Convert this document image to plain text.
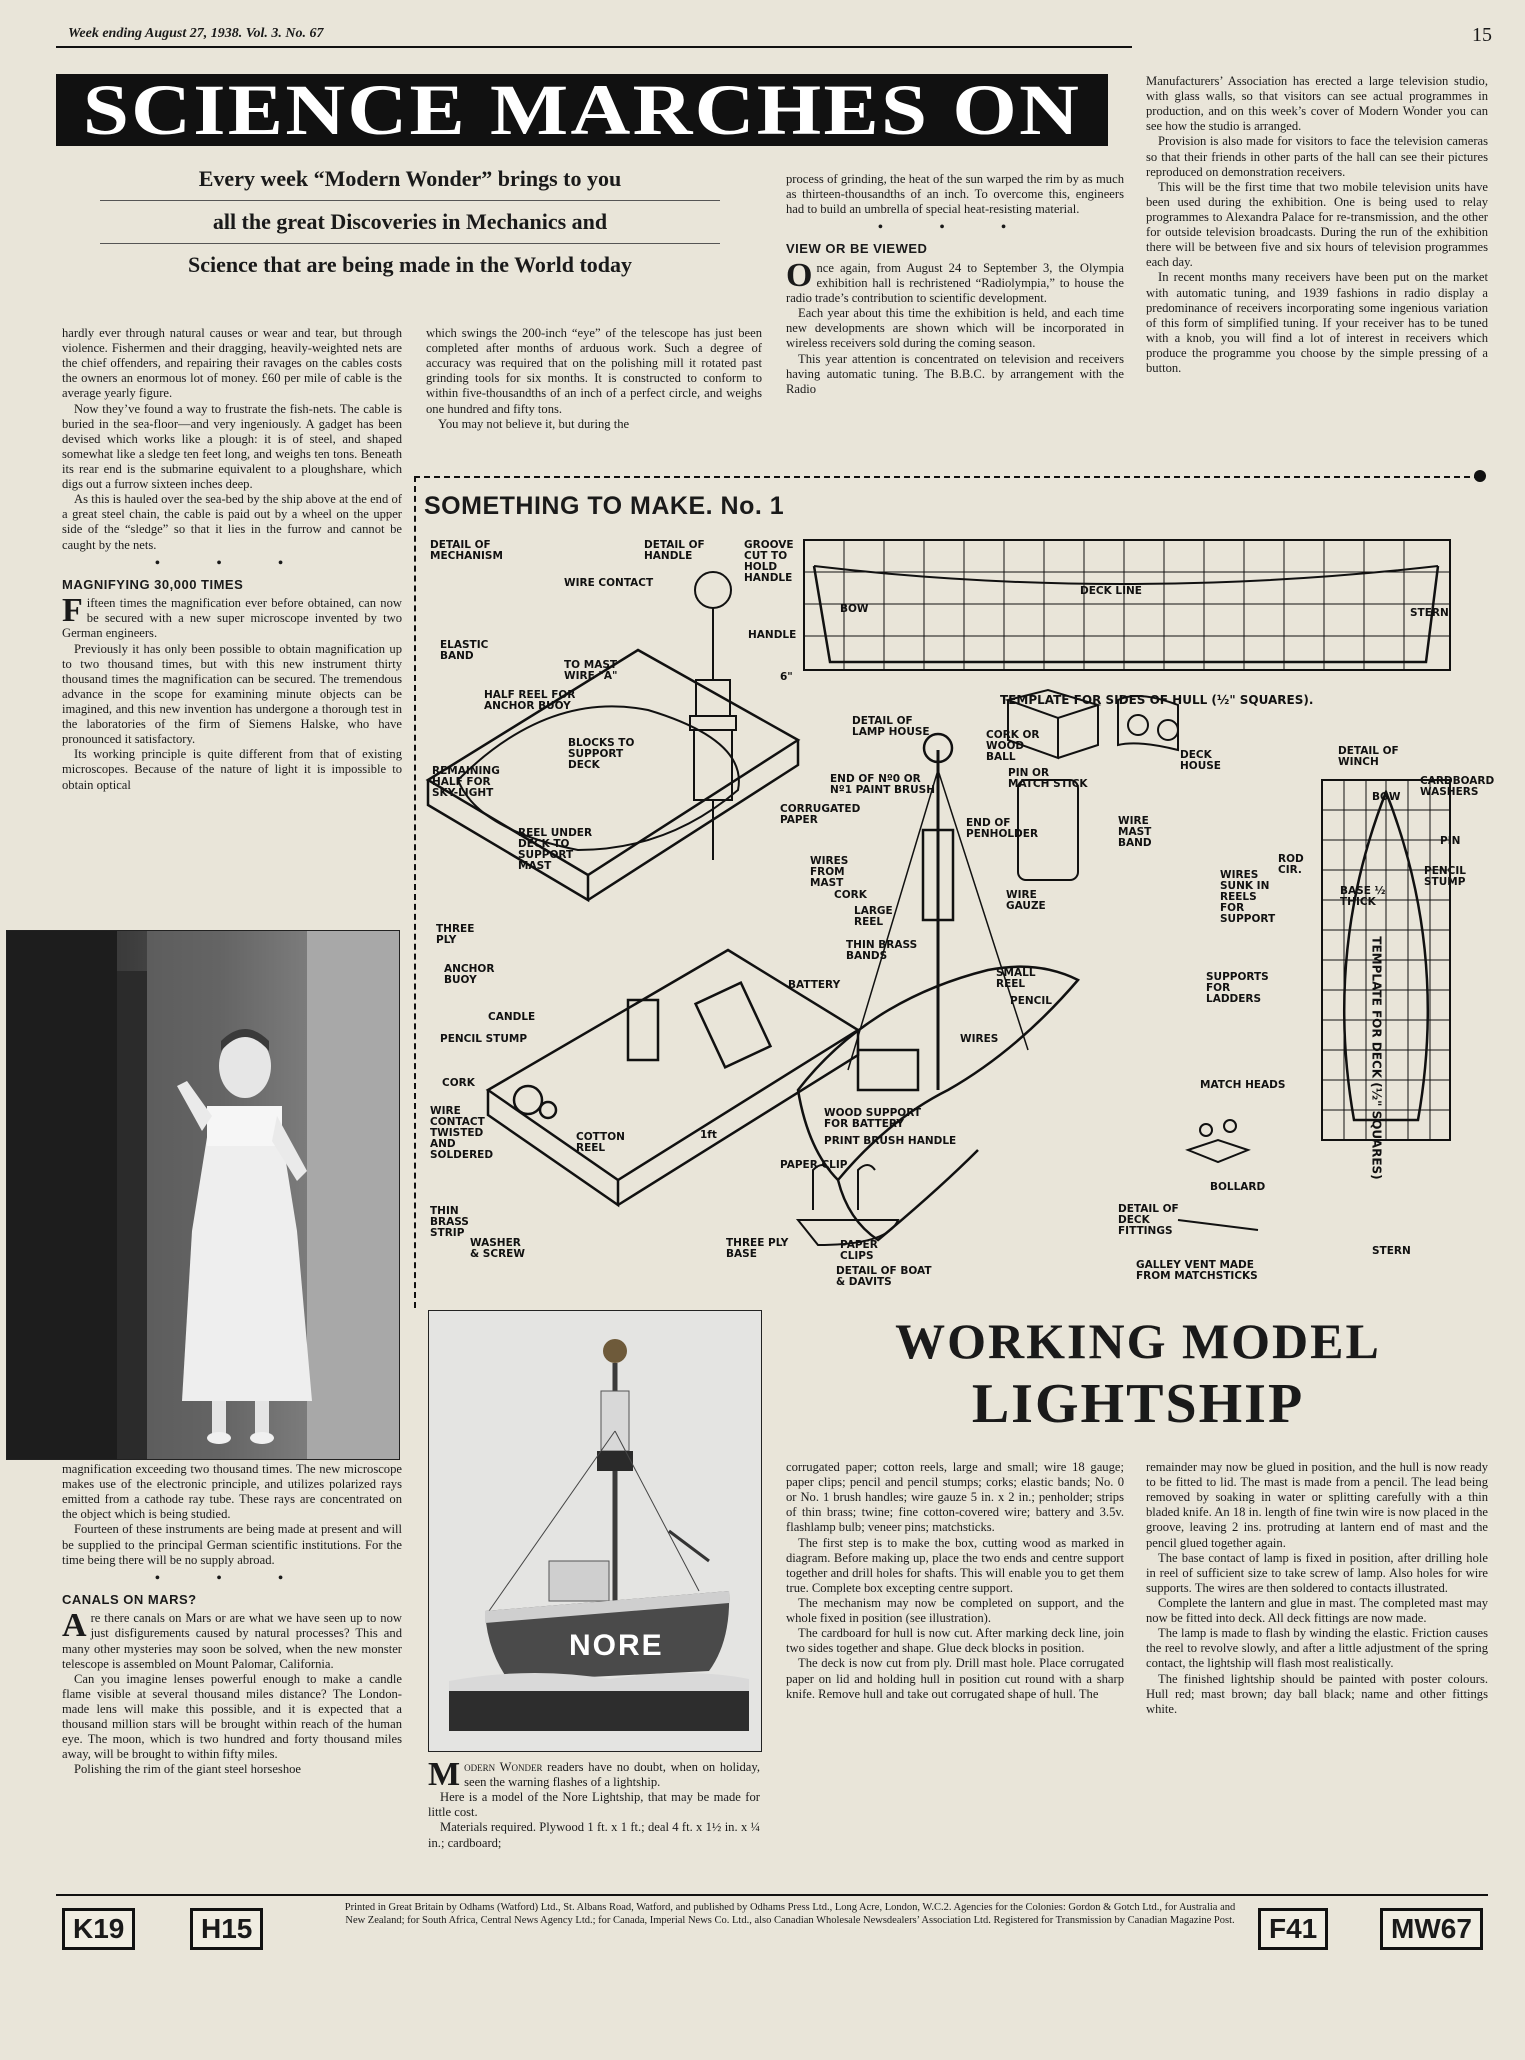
Week ending August 27, 1938. Vol. 3. No. 67	15
SCIENCE MARCHES ON
Every week “Modern Wonder” brings to you
all the great Discoveries in Mechanics and
Science that are being made in the World today

hardly ever through natural causes or wear and tear, but through violence. Fishermen and their dragging, heavily-weighted nets are the chief offenders, and repairing their ravages on the cables costs the owners an enormous lot of money. £60 per mile of cable is the average yearly figure.

Now they’ve found a way to frustrate the fish-nets. The cable is buried in the sea-floor—and very ingeniously. A gadget has been devised which works like a plough: it is of steel, and shaped somewhat like a sledge ten feet long, and weighs ten tons. Beneath its rear end is the submarine equivalent to a ploughshare, which digs out a furrow sixteen inches deep.

As this is hauled over the sea-bed by the ship above at the end of a great steel chain, the cable is paid out by a wheel on the upper side of the “sledge” so that it lies in the furrow and cannot be caught by the nets.

• • •
MAGNIFYING 30,000 TIMES

Fifteen times the magnification ever before obtained, can now be secured with a new super microscope invented by two German engineers.

Previously it has only been possible to obtain magnification up to two thousand times, but with this new instrument thirty thousand times the magnification can be secured. The tremendous advance in the scope for examining minute objects can be imagined, and this new invention has undergone a thorough test in the laboratories of the firm of Siemens Halske, who have pronounced it satisfactory.

Its working principle is quite different from that of existing microscopes. Because of the nature of light it is impossible to obtain optical

magnification exceeding two thousand times. The new microscope makes use of the electronic principle, and utilizes polarized rays emitted from a cathode ray tube. These rays are concentrated on the object which is being studied.

Fourteen of these instruments are being made at present and will be supplied to the principal German scientific institutions. For the time being there will be no supply abroad.

• • •
CANALS ON MARS?

Are there canals on Mars or are what we have seen up to now just disfigurements caused by natural processes? This and many other mysteries may soon be solved, when the new monster telescope is assembled on Mount Palomar, California.

Can you imagine lenses powerful enough to make a candle flame visible at several thousand miles distance? The London-made lens will make this possible, and it is expected that a thousand million stars will be brought within reach of the human eye. The moon, which is two hundred and forty thousand miles away, will be brought to within fifty miles.

Polishing the rim of the giant steel horseshoe

which swings the 200-inch “eye” of the telescope has just been completed after months of arduous work. Such a degree of accuracy was required that on the polishing mill it rotated past grinding tools for six months. It is constructed to conform to within five-thousandths of an inch of a perfect circle, and weighs one hundred and fifty tons.

You may not believe it, but during the

process of grinding, the heat of the sun warped the rim by as much as thirteen-thousandths of an inch. To overcome this, engineers had to build an umbrella of special heat-resisting material.

• • •
VIEW OR BE VIEWED

Once again, from August 24 to September 3, the Olympia exhibition hall is rechristened “Radiolympia,” to house the radio trade’s contribution to scientific development.

Each year about this time the exhibition is held, and each time new developments are shown which will be incorporated in wireless receivers sold during the coming season.

This year attention is concentrated on television and receivers having automatic tuning. The B.B.C. by arrangement with the Radio

Manufacturers’ Association has erected a large television studio, with glass walls, so that visitors can see actual programmes in production, and on this week’s cover of Modern Wonder you can see how the studio is arranged.

Provision is also made for visitors to face the television cameras so that their friends in other parts of the hall can see their pictures reproduced on demonstration receivers.

This will be the first time that two mobile television units have been used during the exhibition. One is being used to relay programmes to Alexandra Palace for re-transmission, and the other for outside television broadcasts. During the run of the exhibition there will be between five and six hours of television programmes each day.

In recent months many receivers have been put on the market with automatic tuning, and 1939 fashions in radio display a predominance of receivers incorporating some ingenious variation of this form of simplified tuning. If your receiver has to be tuned with a knob, you will find a lot of interest in receivers which produce the programme you choose by the simple pressing of a button.

SOMETHING TO MAKE. No. 1
DETAIL OF MECHANISM
DETAIL OF HANDLE
GROOVE CUT TO HOLD HANDLE
WIRE CONTACT
HANDLE
ELASTIC BAND
TO MAST WIRE "A"
HALF REEL FOR ANCHOR BUOY
BLOCKS TO SUPPORT DECK
REMAINING HALF FOR SKY-LIGHT
REEL UNDER DECK TO SUPPORT MAST
THREE PLY
ANCHOR BUOY
CANDLE
PENCIL STUMP
CORK
WIRE CONTACT TWISTED AND SOLDERED
COTTON REEL
THIN BRASS STRIP
WASHER & SCREW
THREE PLY BASE
BATTERY
WOOD SUPPORT FOR BATTERY
PRINT BRUSH HANDLE
PAPER CLIP
PAPER CLIPS
DETAIL OF BOAT & DAVITS
BOW
DECK LINE
STERN
TEMPLATE FOR SIDES OF HULL (½" SQUARES).
DETAIL OF LAMP HOUSE	CORK OR WOOD BALL
PIN OR MATCH STICK
END OF Nº0 OR Nº1 PAINT BRUSH
CORRUGATED PAPER	END OF PENHOLDER
WIRES FROM MAST
CORK
LARGE REEL
THIN BRASS BANDS
WIRE GAUZE
SMALL REEL
PENCIL
WIRES
WIRE MAST BAND
DECK HOUSE
DETAIL OF WINCH
CARDBOARD WASHERS
PIN
PENCIL STUMP
ROD CIR.
BASE ½ THICK
WIRES SUNK IN REELS FOR SUPPORT
SUPPORTS FOR LADDERS
MATCH HEADS
BOLLARD
DETAIL OF DECK FITTINGS
GALLEY VENT MADE FROM MATCHSTICKS
TEMPLATE FOR DECK (½" SQUARES)
BOW
STERN
6"
1ft
WORKING MODEL
LIGHTSHIP
NORE

Modern Wonder readers have no doubt, when on holiday, seen the warning flashes of a lightship.

Here is a model of the Nore Lightship, that may be made for little cost.

Materials required. Plywood 1 ft. x 1 ft.; deal 4 ft. x 1½ in. x ¼ in.; cardboard;

corrugated paper; cotton reels, large and small; wire 18 gauge; paper clips; pencil and pencil stumps; corks; elastic bands; No. 0 or No. 1 brush handles; wire gauze 5 in. x 2 in.; penholder; strips of thin brass; twine; fine cotton-covered wire; battery and 3.5v. flashlamp bulb; veneer pins; matchsticks.

The first step is to make the box, cutting wood as marked in diagram. Before making up, place the two ends and centre support together and drill holes for shafts. This will enable you to get them true. Complete box excepting centre support.

The mechanism may now be completed on support, and the whole fixed in position (see illustration).

The cardboard for hull is now cut. After marking deck line, join two sides together and shape. Glue deck blocks in position.

The deck is now cut from ply. Drill mast hole. Place corrugated paper on lid and holding hull in position cut round with a sharp knife. Remove hull and take out corrugated shape of hull. The

remainder may now be glued in position, and the hull is now ready to be fitted to lid. The mast is made from a pencil. The lead being removed by soaking in water or splitting carefully with a thin bladed knife. An 18 in. length of fine twin wire is now placed in the groove, leaving 2 ins. protruding at lantern end of mast and the pencil glued together again.

The base contact of lamp is fixed in position, after drilling hole in reel of sufficient size to take screw of lamp. Also holes for wire supports. The wires are then soldered to contacts illustrated.

Complete the lantern and glue in mast. The completed mast may now be fitted into deck. All deck fittings are now made.

The lamp is made to flash by winding the elastic. Friction causes the reel to revolve slowly, and after a little adjustment of the spring contact, the lightship will flash most realistically.

The finished lightship should be painted with poster colours. Hull red; mast brown; day ball black; name and other fittings white.

K19	H15
Printed in Great Britain by Odhams (Watford) Ltd., St. Albans Road, Watford, and published by Odhams Press Ltd., Long Acre, London, W.C.2. Agencies for the Colonies: Gordon & Gotch Ltd., for Australia and New Zealand; for South Africa, Central News Agency Ltd.; for Canada, Imperial News Co. Ltd., also Canadian Wholesale Newsdealers’ Association Ltd. Registered for Transmission by Canadian Magazine Post.	F41	MW67
